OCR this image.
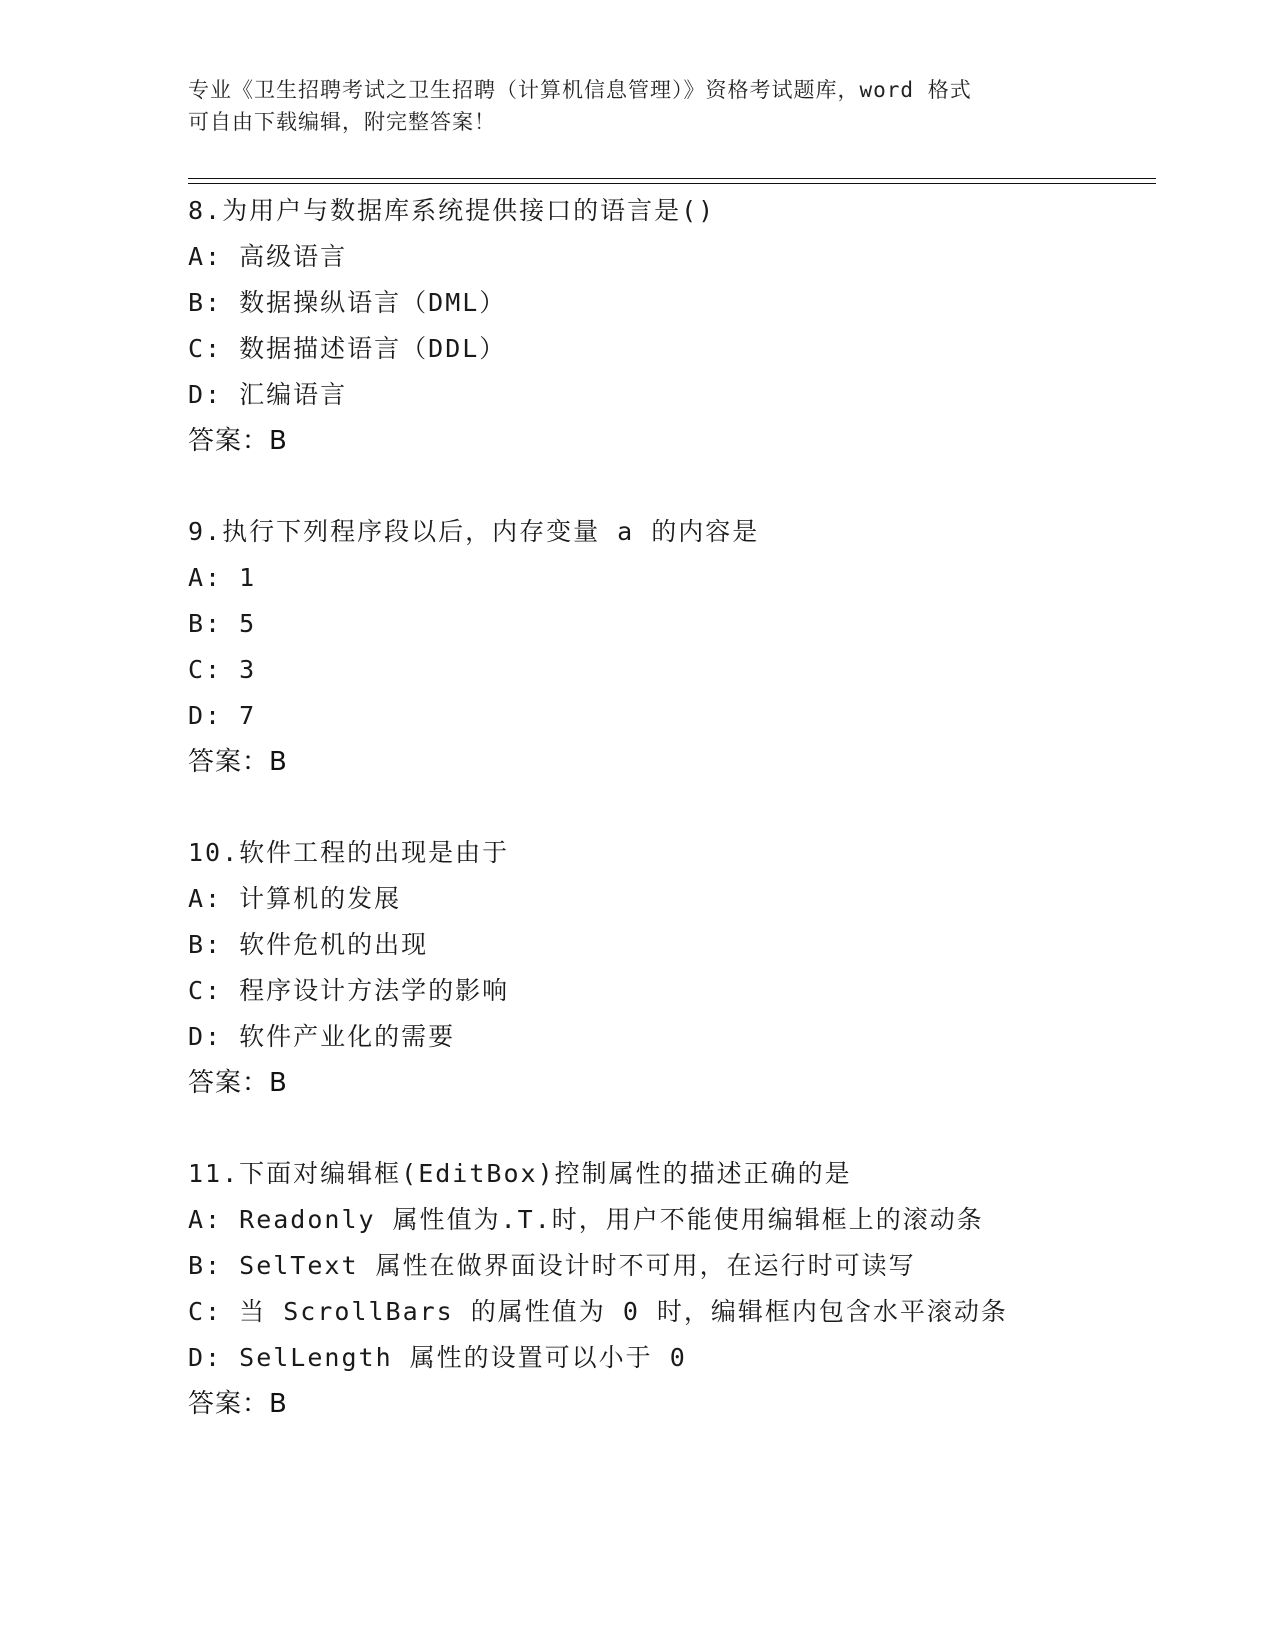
专业《卫生招聘考试之卫生招聘（计算机信息管理）》资格考试题库，word 格式
可自由下载编辑，附完整答案！
8.为用户与数据库系统提供接口的语言是()
A: 高级语言
B: 数据操纵语言（DML）
C: 数据描述语言（DDL）
D: 汇编语言
答案：B
9.执行下列程序段以后，内存变量 a 的内容是
A: 1
B: 5
C: 3
D: 7
答案：B
10.软件工程的出现是由于
A: 计算机的发展
B: 软件危机的出现
C: 程序设计方法学的影响
D: 软件产业化的需要
答案：B
11.下面对编辑框(EditBox)控制属性的描述正确的是
A: Readonly 属性值为.T.时，用户不能使用编辑框上的滚动条
B: SelText 属性在做界面设计时不可用，在运行时可读写
C: 当 ScrollBars 的属性值为 0 时，编辑框内包含水平滚动条
D: SelLength 属性的设置可以小于 0
答案：B
